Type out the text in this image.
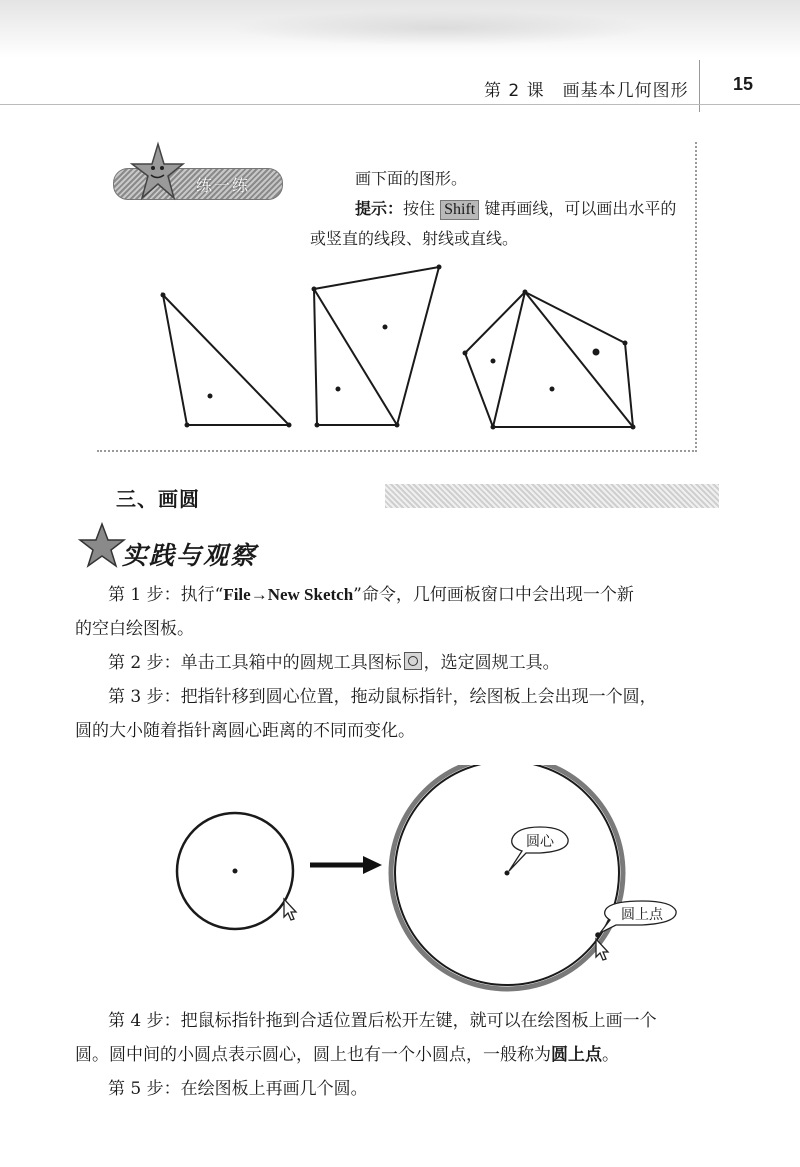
第 2 课　画基本几何图形 15
练一练	画下面的图形。
提示：按住 Shift 键再画线，可以画出水平的
或竖直的线段、射线或直线。
三、画圆
实践与观察
第 1 步：执行“File→New Sketch”命令，几何画板窗口中会出现一个新
的空白绘图板。
第 2 步：单击工具箱中的圆规工具图标 ，选定圆规工具。
第 3 步：把指针移到圆心位置，拖动鼠标指针，绘图板上会出现一个圆，
圆的大小随着指针离圆心距离的不同而变化。
圆心
圆上点
第 4 步：把鼠标指针拖到合适位置后松开左键，就可以在绘图板上画一个
圆。圆中间的小圆点表示圆心，圆上也有一个小圆点，一般称为圆上点。
第 5 步：在绘图板上再画几个圆。
